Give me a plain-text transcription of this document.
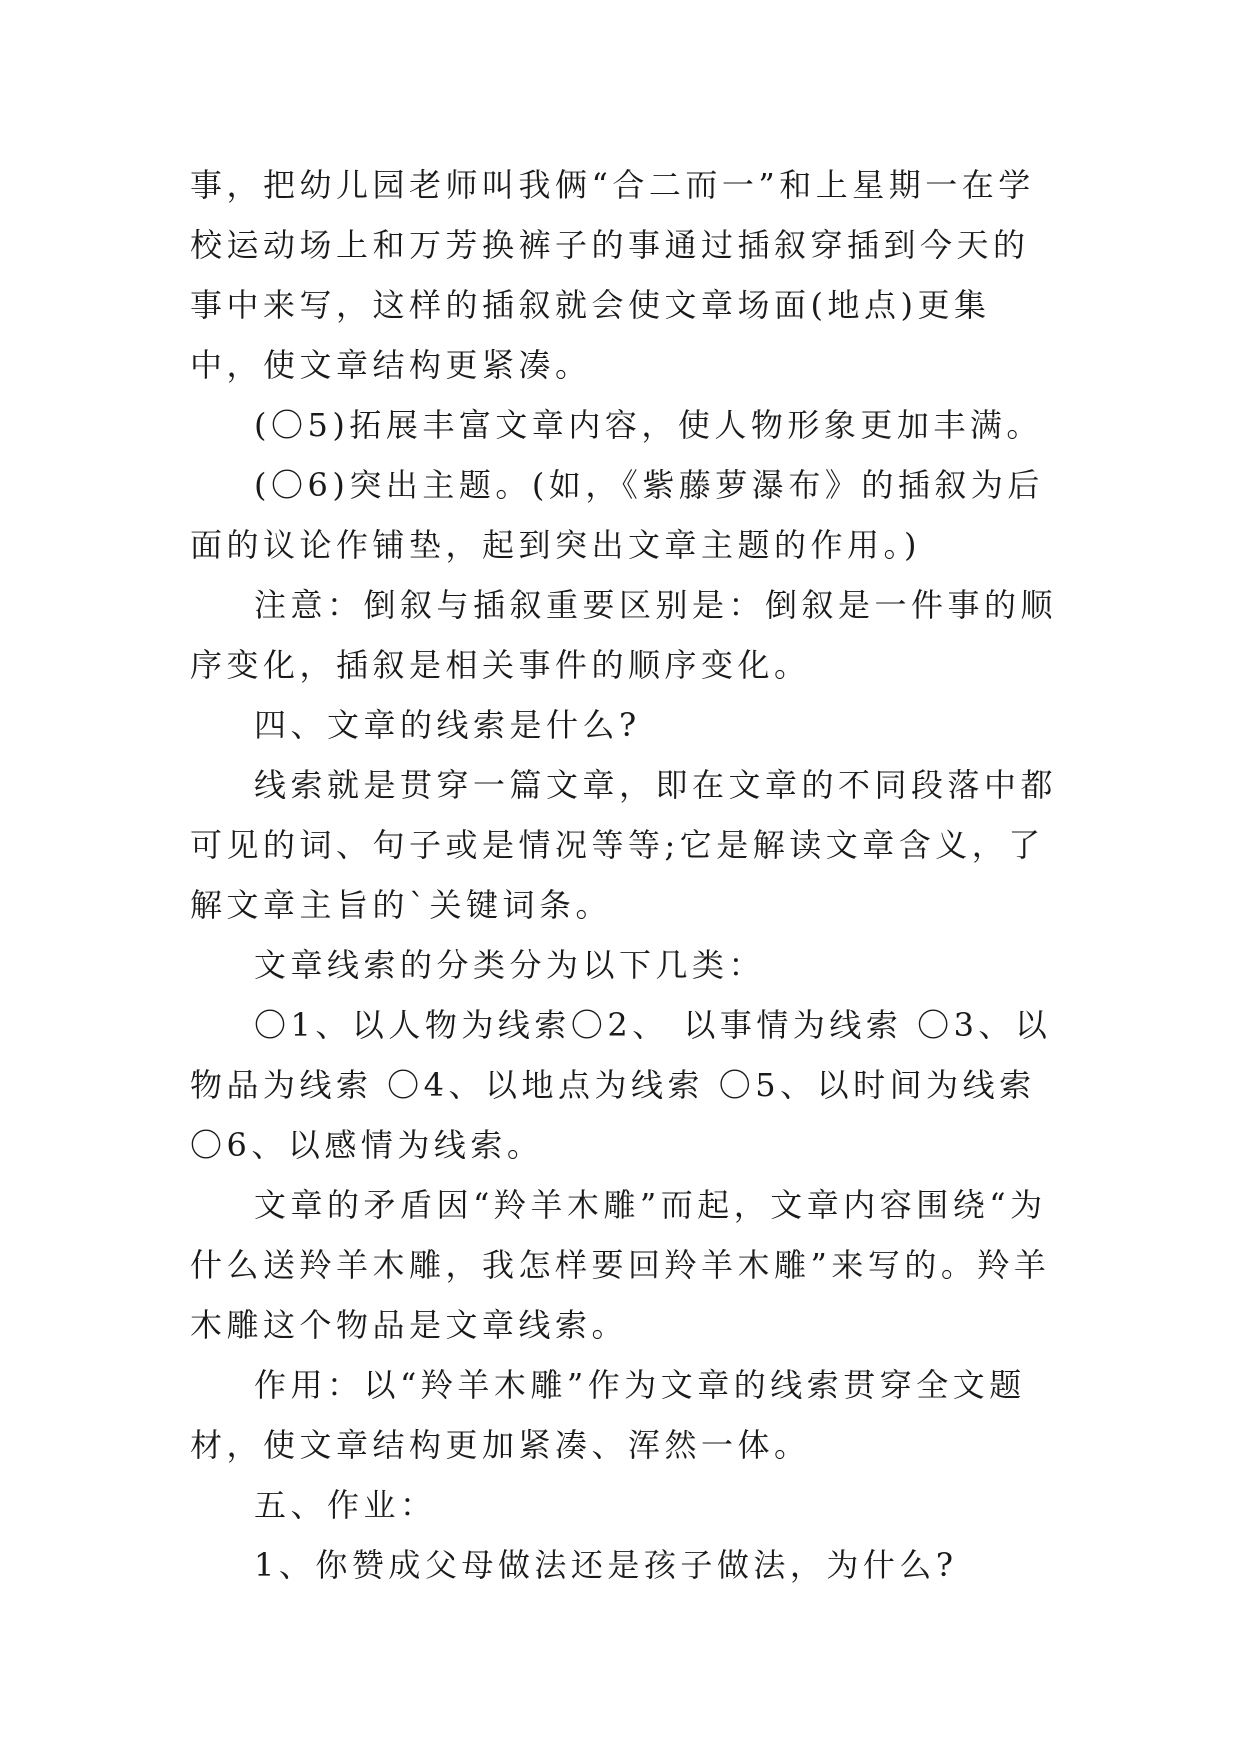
事，把幼儿园老师叫我俩“合二而一”和上星期一在学校运动场上和万芳换裤子的事通过插叙穿插到今天的事中来写，这样的插叙就会使文章场面(地点)更集中，使文章结构更紧凑。

(〇5)拓展丰富文章内容，使人物形象更加丰满。

(〇6)突出主题。(如，《紫藤萝瀑布》的插叙为后面的议论作铺垫，起到突出文章主题的作用。)

注意：倒叙与插叙重要区别是：倒叙是一件事的顺序变化，插叙是相关事件的顺序变化。

四、文章的线索是什么?

线索就是贯穿一篇文章，即在文章的不同段落中都可见的词、句子或是情况等等;它是解读文章含义，了解文章主旨的`关键词条。

文章线索的分类分为以下几类：

〇1、以人物为线索〇2、 以事情为线索 〇3、以物品为线索 〇4、以地点为线索 〇5、以时间为线索〇6、以感情为线索。

文章的矛盾因“羚羊木雕”而起，文章内容围绕“为什么送羚羊木雕，我怎样要回羚羊木雕”来写的。羚羊木雕这个物品是文章线索。

作用：以“羚羊木雕”作为文章的线索贯穿全文题材，使文章结构更加紧凑、浑然一体。

五、作业：

1、你赞成父母做法还是孩子做法，为什么?
